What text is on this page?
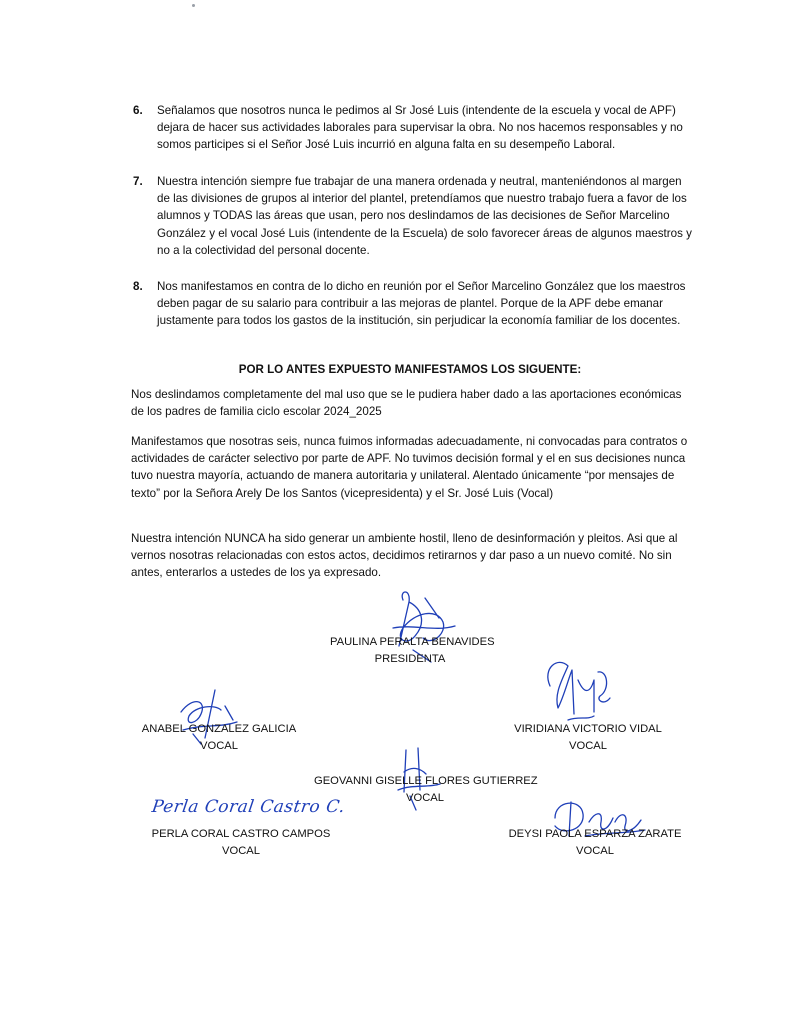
6. Señalamos que nosotros nunca le pedimos al Sr José Luis (intendente de la escuela y vocal de APF) dejara de hacer sus actividades laborales para supervisar la obra. No nos hacemos responsables y no somos participes si el Señor José Luis incurrió en alguna falta en su desempeño Laboral.
7. Nuestra intención siempre fue trabajar de una manera ordenada y neutral, manteniéndonos al margen de las divisiones de grupos al interior del plantel, pretendíamos que nuestro trabajo fuera a favor de los alumnos y TODAS las áreas que usan, pero nos deslindamos de las decisiones de Señor Marcelino González y el vocal José Luis (intendente de la Escuela) de solo favorecer áreas de algunos maestros y no a la colectividad del personal docente.
8. Nos manifestamos en contra de lo dicho en reunión por el Señor Marcelino González que los maestros deben pagar de su salario para contribuir a las mejoras de plantel. Porque de la APF debe emanar justamente para todos los gastos de la institución, sin perjudicar la economía familiar de los docentes.
POR LO ANTES EXPUESTO MANIFESTAMOS LOS SIGUENTE:
Nos deslindamos completamente del mal uso que se le pudiera haber dado a las aportaciones económicas de los padres de familia ciclo escolar 2024_2025
Manifestamos que nosotras seis, nunca fuimos informadas adecuadamente, ni convocadas para contratos o actividades de carácter selectivo por parte de APF. No tuvimos decisión formal y el en sus decisiones nunca tuvo nuestra mayoría, actuando de manera autoritaria y unilateral. Alentado únicamente “por mensajes de texto” por la Señora Arely De los Santos (vicepresidenta) y el Sr. José Luis (Vocal)
Nuestra intención NUNCA ha sido generar un ambiente hostil, lleno de desinformación y pleitos. Asi que al vernos nosotras relacionadas con estos actos, decidimos retirarnos y dar paso a un nuevo comité. No sin antes, enterarlos a ustedes de los ya expresado.
Perla Coral Castro C.
PAULINA PERALTA BENAVIDES
PRESIDENTA
ANABEL GONZALEZ GALICIA
VOCAL
VIRIDIANA VICTORIO VIDAL
VOCAL
GEOVANNI GISELLE FLORES GUTIERREZ
VOCAL
PERLA CORAL CASTRO CAMPOS
VOCAL
DEYSI PAOLA ESPARZA ZARATE
VOCAL
